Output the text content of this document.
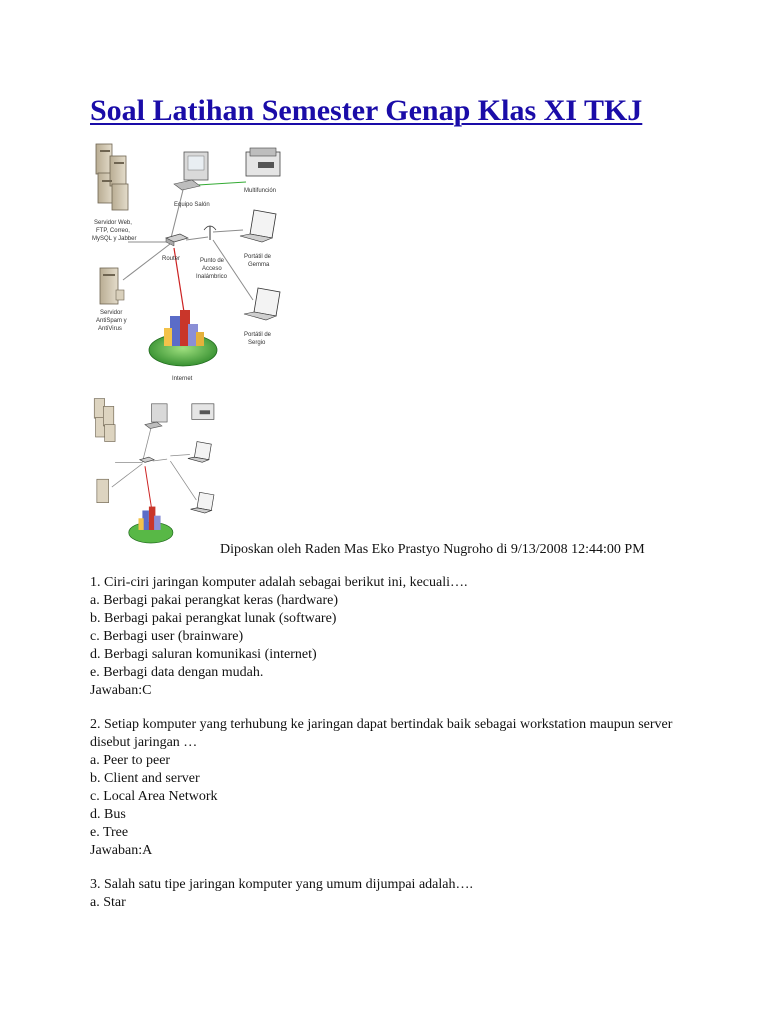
Soal Latihan Semester Genap Klas XI TKJ
Servidor Web,
FTP, Correo,
MySQL y Jabber
Equipo Salón
Multifunción
Router	Punto de
Acceso
Inalámbrico
Portátil de
Gemma
Servidor
AntiSpam y
AntiVirus
Portátil de
Sergio
Internet
Diposkan oleh Raden Mas Eko Prastyo Nugroho di 9/13/2008 12:44:00 PM

1. Ciri-ciri jaringan komputer adalah sebagai berikut ini, kecuali….

a. Berbagi pakai perangkat keras (hardware)

b. Berbagi pakai perangkat lunak (software)

c. Berbagi user (brainware)

d. Berbagi saluran komunikasi (internet)

e. Berbagi data dengan mudah.

Jawaban:C

2. Setiap komputer yang terhubung ke jaringan dapat bertindak baik sebagai workstation maupun server disebut jaringan …

a. Peer to peer

b. Client and server

c. Local Area Network

d. Bus

e. Tree

Jawaban:A

3. Salah satu tipe jaringan komputer yang umum dijumpai adalah….

a. Star
